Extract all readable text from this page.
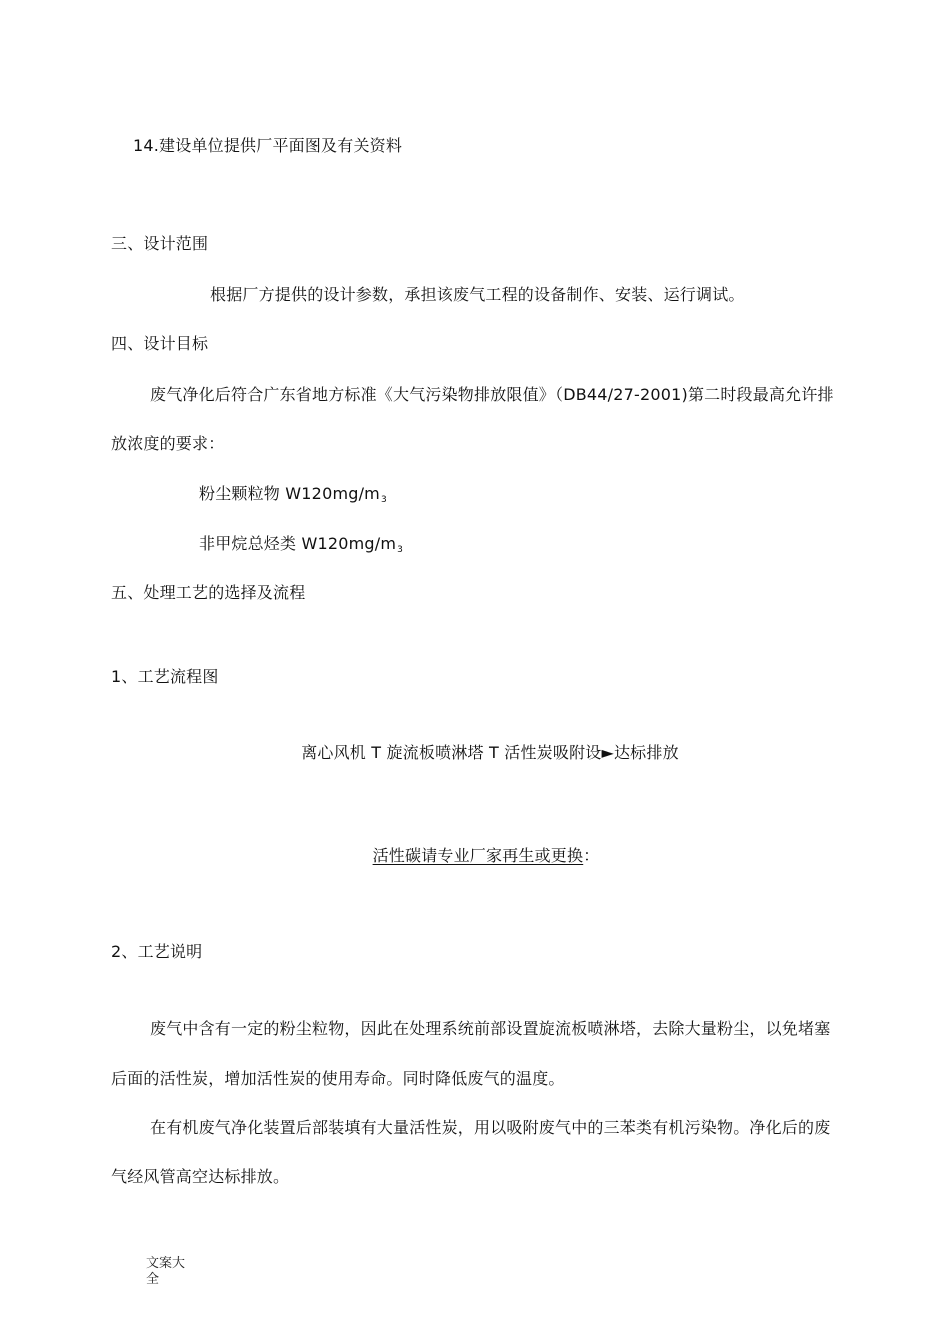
14.建设单位提供厂平面图及有关资料
三、设计范围
根据厂方提供的设计参数，承担该废气工程的设备制作、安装、运行调试。
四、设计目标
废气净化后符合广东省地方标准《大气污染物排放限值》（DB44/27-2001)第二时段最高允许排
放浓度的要求：
粉尘颗粒物 $W120mg/m_3$
非甲烷总烃类 $W120mg/m_3$
五、处理工艺的选择及流程
1、工艺流程图
离心风机 T 旋流板喷淋塔 T 活性炭吸附设►达标排放
活性碳请专业厂家再生或更换：
2、工艺说明
废气中含有一定的粉尘粒物，因此在处理系统前部设置旋流板喷淋塔，去除大量粉尘，以免堵塞
后面的活性炭，增加活性炭的使用寿命。同时降低废气的温度。
在有机废气净化装置后部装填有大量活性炭，用以吸附废气中的三苯类有机污染物。净化后的废
气经风管高空达标排放。
文案大全
